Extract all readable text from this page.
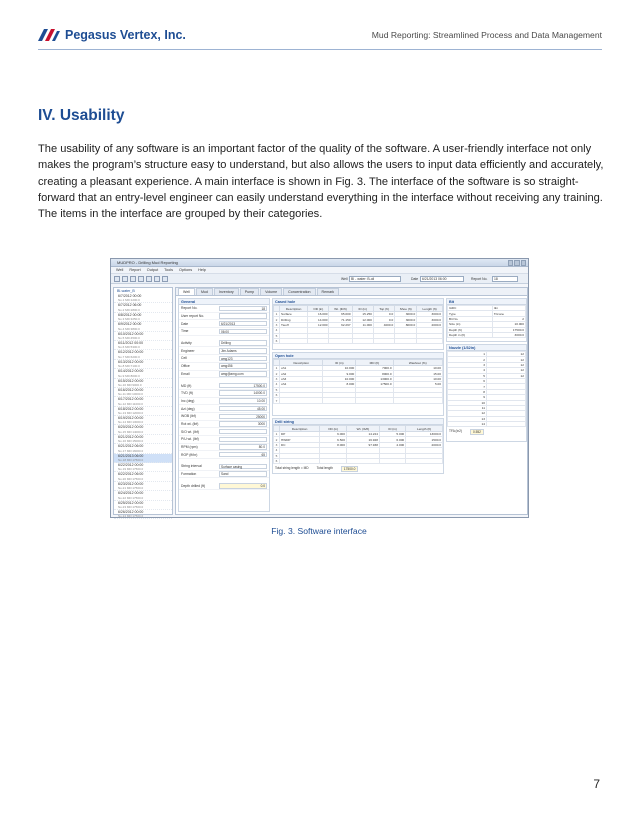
Pegasus Vertex, Inc.	Mud Reporting: Streamlined Process and Data Management
IV. Usability

The usability of any software is an important factor of the quality of the software. A user-friendly interface not only makes the program’s structure easy to understand, but also allows the users to input data efficiently and accurately, creating a pleasant experience. A main interface is shown in Fig. 3. The interface of the software is so straight-forward that an entry-level engineer can easily understand everything in the interface without receiving any training. The items in the interface are grouped by their categories.

MUDPRO - Drilling Mud Reporting
Well Report Output Tools Options Help
Well	BI - water: B-oil	Date	6/21/2013 06:00	Report No.	18
BI-water_B
6/7/2012 00:00
No.1 MD:1200.0
6/7/2012 06:00
No.2 MD:2800.0
6/8/2012 00:00
No.3 MD:3250.0
6/9/2012 00:00
No.4 MD:3800.0
6/10/2012 00:00
No.5 MD:4500.0
6/11/2012 00:00
No.6 MD:5300.0
6/12/2012 00:00
No.7 MD:6200.0
6/13/2012 00:00
No.8 MD:7100.0
6/14/2012 00:00
No.9 MD:8000.0
6/15/2012 00:00
No.10 MD:9000.0
6/16/2012 00:00
No.11 MD:10000.0
6/17/2012 00:00
No.12 MD:11000.0
6/18/2012 00:00
No.13 MD:12000.0
6/19/2012 00:00
No.14 MD:13000.0
6/20/2012 00:00
No.15 MD:14000.0
6/21/2012 00:00
No.16 MD:15000.0
6/21/2012 06:00
No.17 MD:16000.0
6/21/2013 06:00
No.18 MD:17500.0
6/22/2012 00:00
No.19 MD:17500.0
6/22/2012 06:00
No.20 MD:17500.0
6/23/2012 00:00
No.21 MD:17500.0
6/24/2012 00:00
No.22 MD:17500.0
6/25/2012 00:00
No.23 MD:17500.0
6/26/2012 00:00
No.24 MD:17500.0
Well	Mud	Inventory	Pump	Volume	Concentration	Remark
General
Report No.	18
User report No.
Date	6/21/2013
Time	06:00
Activity	Drilling
Engineer	Jim Adams
Cell	amg123
Office	amg456
Email	amg@amg.com
MD (ft)	17500.0
TVD (ft)	14000.0
Inc (deg)	10.00
Azi (deg)	45.00
WOB (lbf)	25000
Rot wt. (lbf)	3000
S/O wt. (lbf)
P/U wt. (lbf)
RPM (rpm)	80.0
ROP (ft/hr)	65
String interval	Surface casing
Formation	Sand
Depth drilled (ft)	0.0
Cased hole
	Description	OD (in)	Wt. (lb/ft)	ID (in)	Top (ft)	Shoe (ft)	Length (ft)
1	Surface	16.000	65.000	15.250	0.0	3000.0	3000.0
2	Drilling	14.000	71.150	12.000	0.0	3000.0	3000.0
3	Tieoff	12.000	62.297	11.000	4000.0	8000.0	2000.0
4							
5							
6							
Open hole
	Description	ID (in)	MD (ft)	Washout (%)
1	oh1	10.000	7000.0	10.00
2	oh2	9.000	8000.0	15.00
3	oh3	10.000	13000.0	10.00
4	oh4	8.000	17500.0	5.00
5				
6				
7				
Drill string
	Description	OD (in)	Wt. (lb/ft)	ID (in)	Length (ft)
1	DP	6.000	14.224	5.000	13000.0
2	HWDP	6.500	16.928	6.000	1500.0
3	DC	8.000	97.938	4.000	2000.0
4					
5					
6					
Total string length = MD	Total length	17500.0
Bit
IADC	4in
Type	Tricone
Bit No.	2
Size (in)	10.000
Depth (ft)	17500.0
Depth in (ft)	3000.0
Nozzle (1/32in)
1	12
2	12
3	12
4	12
5	12
6	
7	
8	
9	
10	
11	
12	
13	
14	
TFA (in2)	0.552
Fig. 3. Software interface
7
